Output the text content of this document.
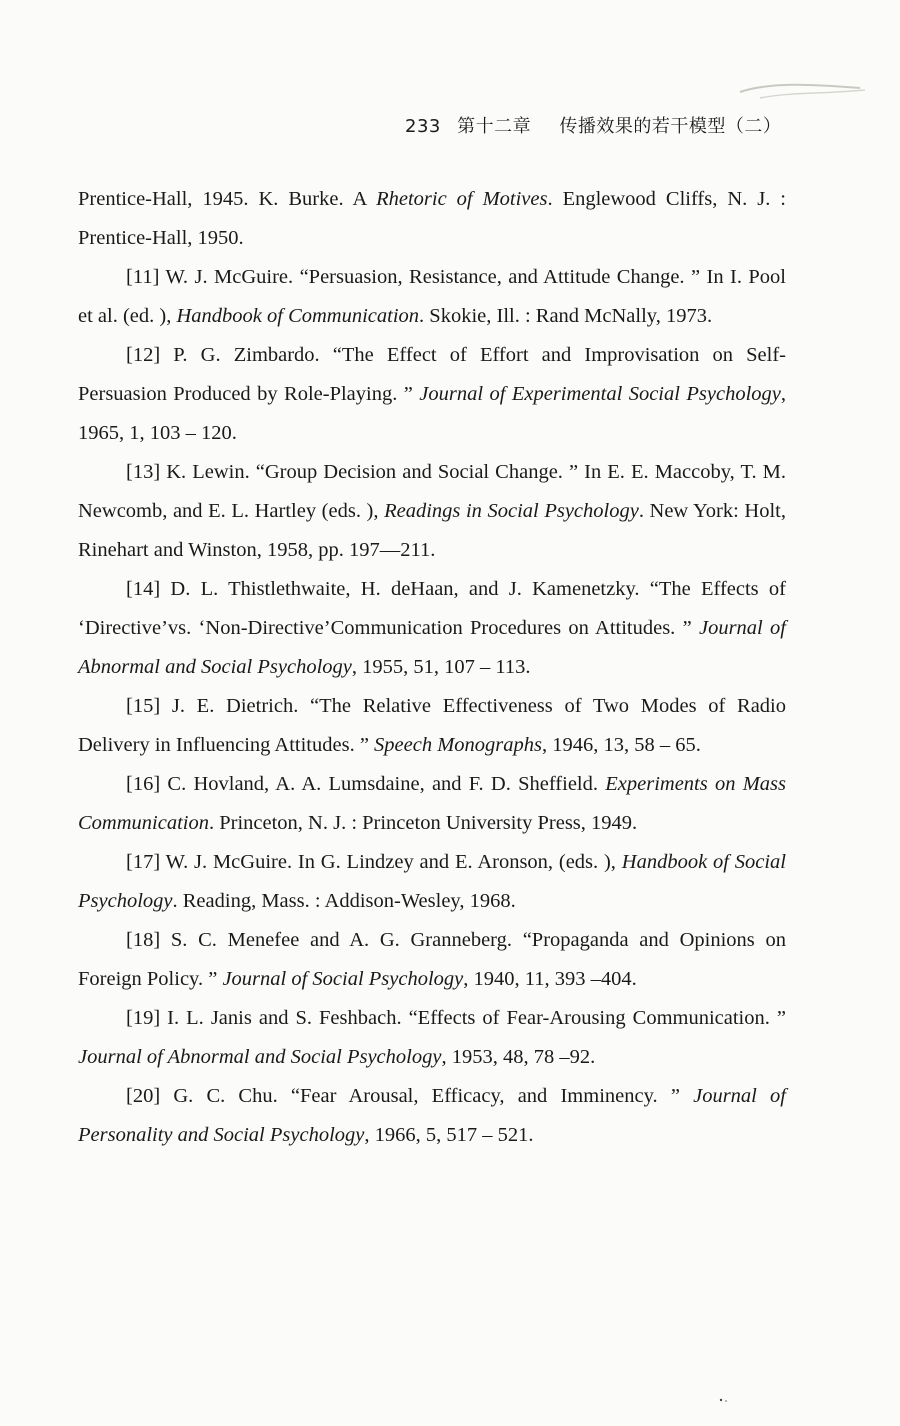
233 第十二章 传播效果的若干模型（二）

Prentice-Hall, 1945. K. Burke. A Rhetoric of Motives. Englewood Cliffs, N. J. : Prentice-Hall, 1950.

[11] W. J. McGuire. “Persuasion, Resistance, and Attitude Change. ” In I. Pool et al. (ed. ), Handbook of Communication. Skokie, Ill. : Rand McNally, 1973.

[12] P. G. Zimbardo. “The Effect of Effort and Improvisation on Self-Persuasion Produced by Role-Playing. ” Journal of Experimental Social Psychology, 1965, 1, 103 – 120.

[13] K. Lewin. “Group Decision and Social Change. ” In E. E. Maccoby, T. M. Newcomb, and E. L. Hartley (eds. ), Readings in Social Psychology. New York: Holt, Rinehart and Winston, 1958, pp. 197—211.

[14] D. L. Thistlethwaite, H. deHaan, and J. Kamenetzky. “The Effects of ‘Directive’vs. ‘Non-Directive’Communication Procedures on Attitudes. ” Journal of Abnormal and Social Psychology, 1955, 51, 107 – 113.

[15] J. E. Dietrich. “The Relative Effectiveness of Two Modes of Radio Delivery in Influencing Attitudes. ” Speech Monographs, 1946, 13, 58 – 65.

[16] C. Hovland, A. A. Lumsdaine, and F. D. Sheffield. Experiments on Mass Communication. Princeton, N. J. : Princeton University Press, 1949.

[17] W. J. McGuire. In G. Lindzey and E. Aronson, (eds. ), Handbook of Social Psychology. Reading, Mass. : Addison-Wesley, 1968.

[18] S. C. Menefee and A. G. Granneberg. “Propaganda and Opinions on Foreign Policy. ” Journal of Social Psychology, 1940, 11, 393 –404.

[19] I. L. Janis and S. Feshbach. “Effects of Fear-Arousing Communication. ” Journal of Abnormal and Social Psychology, 1953, 48, 78 –92.

[20] G. C. Chu. “Fear Arousal, Efficacy, and Imminency. ” Journal of Personality and Social Psychology, 1966, 5, 517 – 521.
